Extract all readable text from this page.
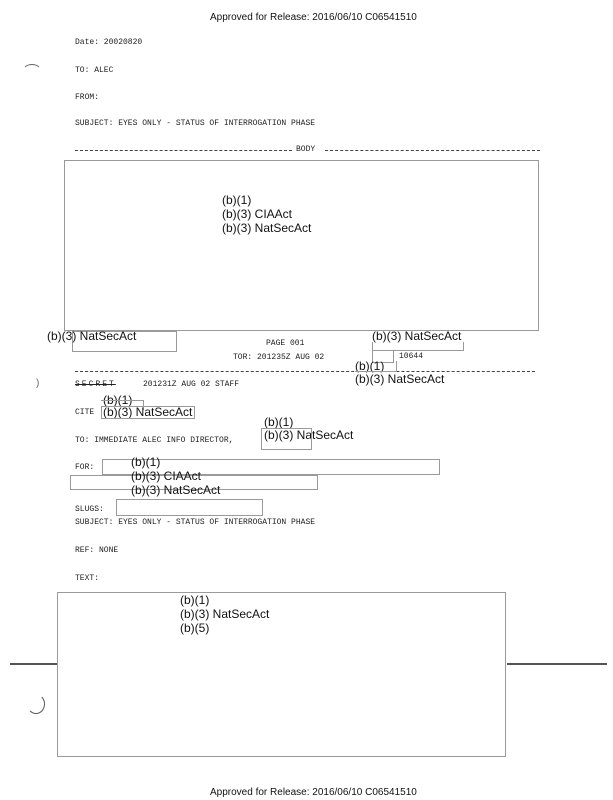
Approved for Release: 2016/06/10 C06541510
Date: 20020820
TO: ALEC
FROM:
SUBJECT: EYES ONLY - STATUS OF INTERROGATION PHASE
BODY
(b)(1)
(b)(3) CIAAct
(b)(3) NatSecAct
(b)(3) NatSecAct	(b)(3) NatSecAct
PAGE 001
TOR: 201235Z AUG 02	10644
(b)(1)
(b)(3) NatSecAct
SECRET	201231Z AUG 02 STAFF
(b)(1)
CITE (b)(3) NatSecAct
(b)(1)
TO: IMMEDIATE ALEC INFO DIRECTOR,	(b)(3) NatSecAct
FOR:	(b)(1)
(b)(3) CIAAct
(b)(3) NatSecAct
SLUGS:
SUBJECT: EYES ONLY - STATUS OF INTERROGATION PHASE
REF: NONE
TEXT:
(b)(1)
(b)(3) NatSecAct
(b)(5)
)
Approved for Release: 2016/06/10 C06541510
